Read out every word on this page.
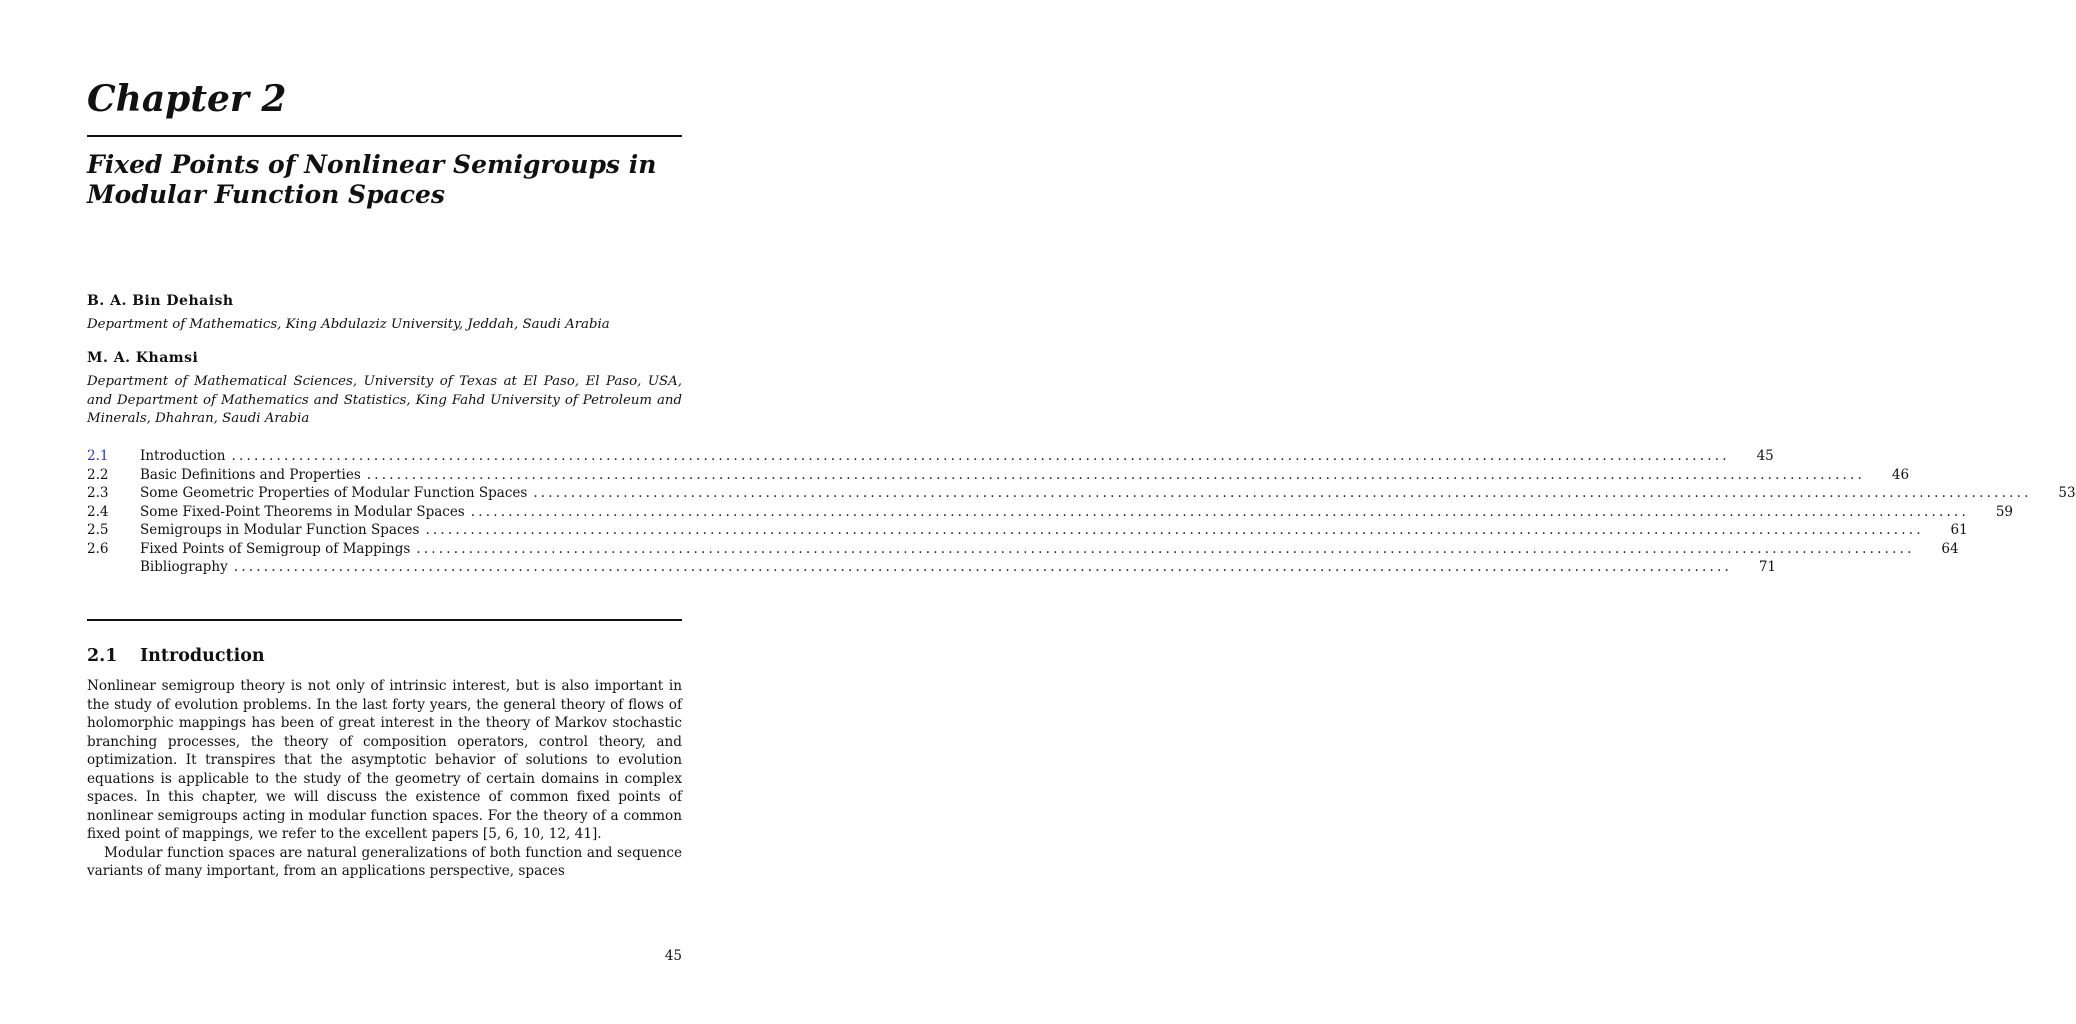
Chapter 2
Fixed Points of Nonlinear Semigroups in Modular Function Spaces
B. A. Bin Dehaish
Department of Mathematics, King Abdulaziz University, Jeddah, Saudi Arabia
M. A. Khamsi
Department of Mathematical Sciences, University of Texas at El Paso, El Paso, USA, and Department of Mathematics and Statistics, King Fahd University of Petroleum and Minerals, Dhahran, Saudi Arabia
2.1	Introduction ........................................................................................................................................................................................................	45
2.2	Basic Definitions and Properties ........................................................................................................................................................................................................	46
2.3	Some Geometric Properties of Modular Function Spaces ........................................................................................................................................................................................................	53
2.4	Some Fixed-Point Theorems in Modular Spaces ........................................................................................................................................................................................................	59
2.5	Semigroups in Modular Function Spaces ........................................................................................................................................................................................................	61
2.6	Fixed Points of Semigroup of Mappings ........................................................................................................................................................................................................	64
Bibliography ........................................................................................................................................................................................................	71
2.1 Introduction

Nonlinear semigroup theory is not only of intrinsic interest, but is also important in the study of evolution problems. In the last forty years, the general theory of flows of holomorphic mappings has been of great interest in the theory of Markov stochastic branching processes, the theory of composition operators, control theory, and optimization. It transpires that the asymptotic behavior of solutions to evolution equations is applicable to the study of the geometry of certain domains in complex spaces. In this chapter, we will discuss the existence of common fixed points of nonlinear semigroups acting in modular function spaces. For the theory of a common fixed point of mappings, we refer to the excellent papers [5, 6, 10, 12, 41].

Modular function spaces are natural generalizations of both function and sequence variants of many important, from an applications perspective, spaces

45
